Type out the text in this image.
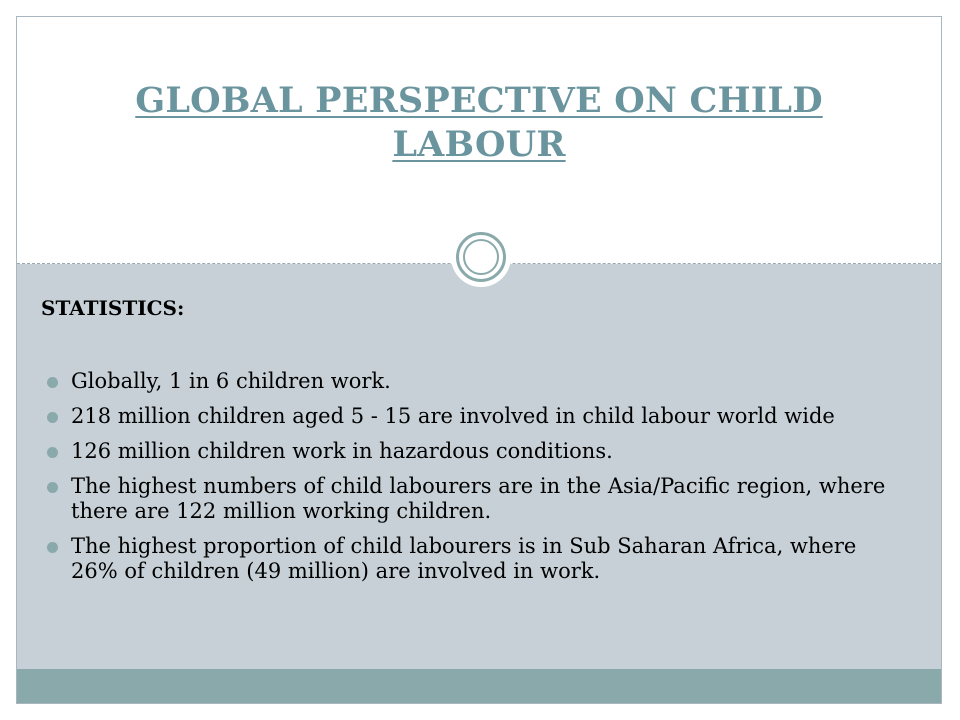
GLOBAL PERSPECTIVE ON CHILD LABOUR
STATISTICS:
Globally, 1 in 6 children work.
218 million children aged 5 - 15 are involved in child labour world wide
126 million children work in hazardous conditions.
The highest numbers of child labourers are in the Asia/Pacific region, where there are 122 million working children.
The highest proportion of child labourers is in Sub Saharan Africa, where 26% of children (49 million) are involved in work.
